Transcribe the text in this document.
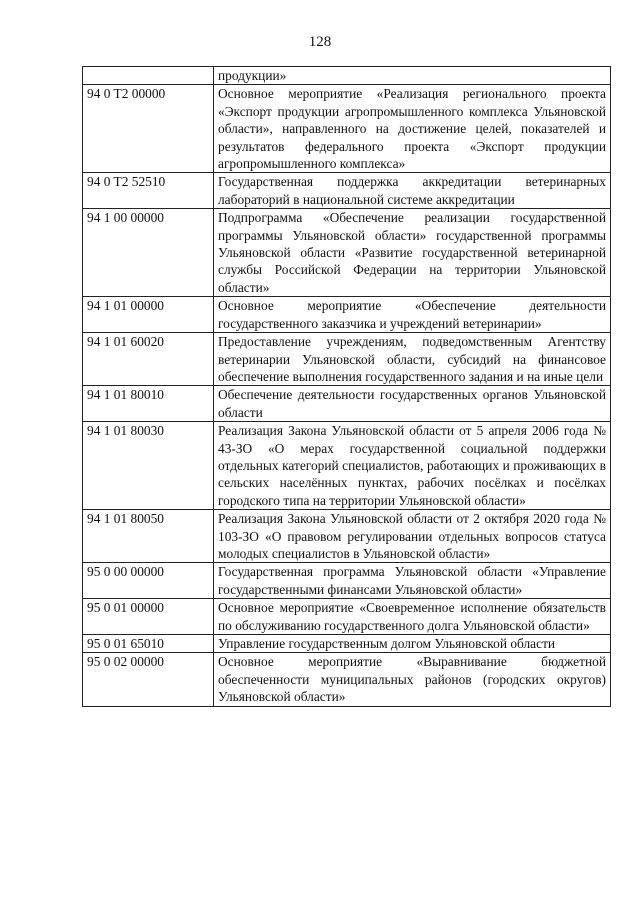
128
	продукции»
94 0 T2 00000	Основное мероприятие «Реализация регионального проекта «Экспорт продукции агропромышленного комплекса Ульяновской области», направленного на достижение целей, показателей и результатов федерального проекта «Экспорт продукции агропромышленного комплекса»
94 0 T2 52510	Государственная поддержка аккредитации ветеринарных лабораторий в национальной системе аккредитации
94 1 00 00000	Подпрограмма «Обеспечение реализации государственной программы Ульяновской области» государственной программы Ульяновской области «Развитие государственной ветеринарной службы Российской Федерации на территории Ульяновской области»
94 1 01 00000	Основное мероприятие «Обеспечение деятельности государственного заказчика и учреждений ветеринарии»
94 1 01 60020	Предоставление учреждениям, подведомственным Агентству ветеринарии Ульяновской области, субсидий на финансовое обеспечение выполнения государственного задания и на иные цели
94 1 01 80010	Обеспечение деятельности государственных органов Ульяновской области
94 1 01 80030	Реализация Закона Ульяновской области от 5 апреля 2006 года № 43-ЗО «О мерах государственной социальной поддержки отдельных категорий специалистов, работающих и проживающих в сельских населённых пунктах, рабочих посёлках и посёлках городского типа на территории Ульяновской области»
94 1 01 80050	Реализация Закона Ульяновской области от 2 октября 2020 года № 103-ЗО «О правовом регулировании отдельных вопросов статуса молодых специалистов в Ульяновской области»
95 0 00 00000	Государственная программа Ульяновской области «Управление государственными финансами Ульяновской области»
95 0 01 00000	Основное мероприятие «Своевременное исполнение обязательств по обслуживанию государственного долга Ульяновской области»
95 0 01 65010	Управление государственным долгом Ульяновской области
95 0 02 00000	Основное мероприятие «Выравнивание бюджетной обеспеченности муниципальных районов (городских округов) Ульяновской области»
